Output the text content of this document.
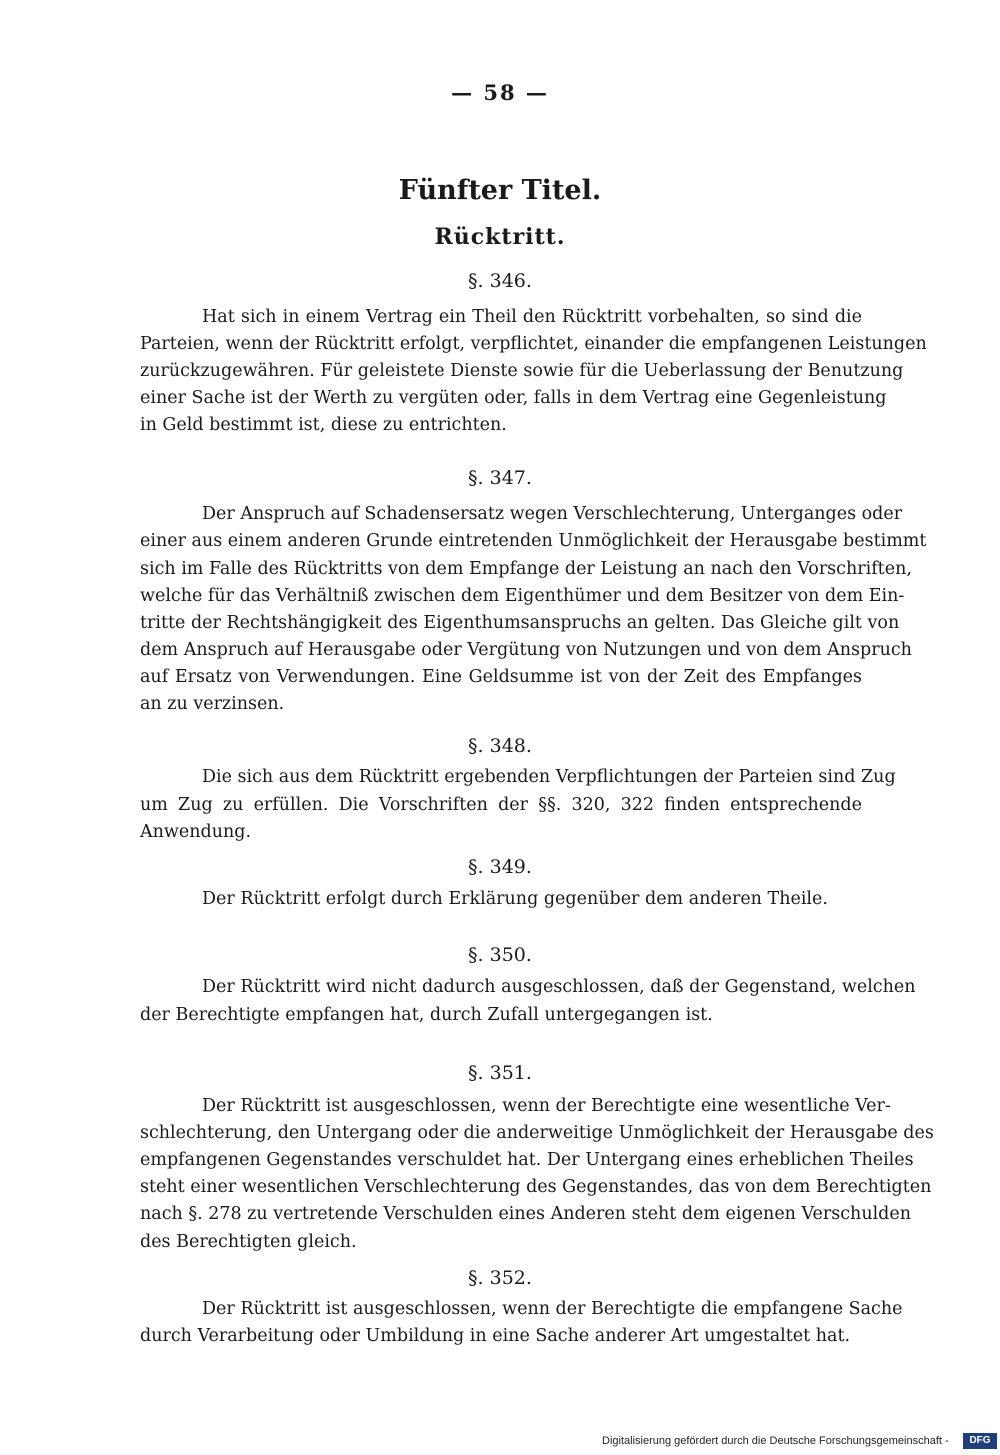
— 58 —
Fünfter Titel.
Rücktritt.
§. 346.
Hat sich in einem Vertrag ein Theil den Rücktritt vorbehalten, so sind die
Parteien, wenn der Rücktritt erfolgt, verpflichtet, einander die empfangenen Leistungen
zurückzugewähren. Für geleistete Dienste sowie für die Ueberlassung der Benutzung
einer Sache ist der Werth zu vergüten oder, falls in dem Vertrag eine Gegenleistung
in Geld bestimmt ist, diese zu entrichten.
§. 347.
Der Anspruch auf Schadensersatz wegen Verschlechterung, Unterganges oder
einer aus einem anderen Grunde eintretenden Unmöglichkeit der Herausgabe bestimmt
sich im Falle des Rücktritts von dem Empfange der Leistung an nach den Vorschriften,
welche für das Verhältniß zwischen dem Eigenthümer und dem Besitzer von dem Ein-
tritte der Rechtshängigkeit des Eigenthumsanspruchs an gelten. Das Gleiche gilt von
dem Anspruch auf Herausgabe oder Vergütung von Nutzungen und von dem Anspruch
auf Ersatz von Verwendungen. Eine Geldsumme ist von der Zeit des Empfanges
an zu verzinsen.
§. 348.
Die sich aus dem Rücktritt ergebenden Verpflichtungen der Parteien sind Zug
um Zug zu erfüllen. Die Vorschriften der §§. 320, 322 finden entsprechende
Anwendung.
§. 349.
Der Rücktritt erfolgt durch Erklärung gegenüber dem anderen Theile.
§. 350.
Der Rücktritt wird nicht dadurch ausgeschlossen, daß der Gegenstand, welchen
der Berechtigte empfangen hat, durch Zufall untergegangen ist.
§. 351.
Der Rücktritt ist ausgeschlossen, wenn der Berechtigte eine wesentliche Ver-
schlechterung, den Untergang oder die anderweitige Unmöglichkeit der Herausgabe des
empfangenen Gegenstandes verschuldet hat. Der Untergang eines erheblichen Theiles
steht einer wesentlichen Verschlechterung des Gegenstandes, das von dem Berechtigten
nach §. 278 zu vertretende Verschulden eines Anderen steht dem eigenen Verschulden
des Berechtigten gleich.
§. 352.
Der Rücktritt ist ausgeschlossen, wenn der Berechtigte die empfangene Sache
durch Verarbeitung oder Umbildung in eine Sache anderer Art umgestaltet hat.
Digitalisierung gefördert durch die Deutsche Forschungsgemeinschaft -	DFG
